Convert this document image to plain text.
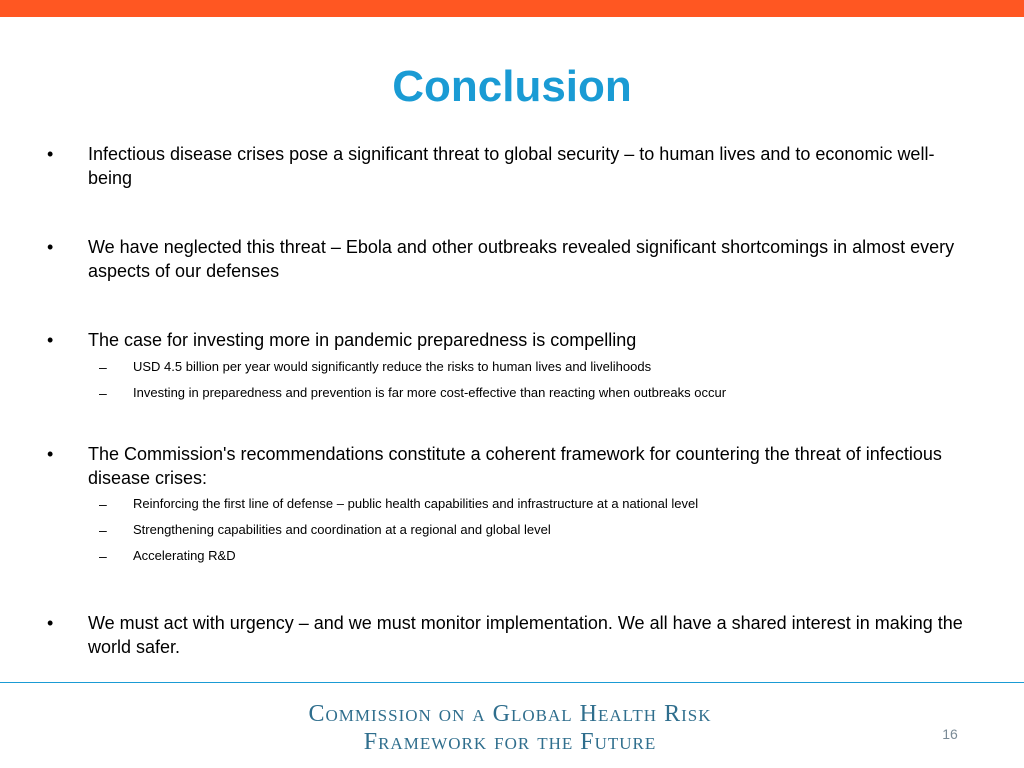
Conclusion
• Infectious disease crises pose a significant threat to global security – to human lives and to economic well-being
• We have neglected this threat – Ebola and other outbreaks revealed significant shortcomings in almost every aspects of our defenses
• The case for investing more in pandemic preparedness is compelling
– USD 4.5 billion per year would significantly reduce the risks to human lives and livelihoods
– Investing in preparedness and prevention is far more cost-effective than reacting when outbreaks occur
• The Commission's recommendations constitute a coherent framework for countering the threat of infectious disease crises:
– Reinforcing the first line of defense – public health capabilities and infrastructure at a national level
– Strengthening capabilities and coordination at a regional and global level
– Accelerating R&D
• We must act with urgency – and we must monitor implementation. We all have a shared interest in making the world safer.
Commission on a Global Health Risk
Framework for the Future	16
